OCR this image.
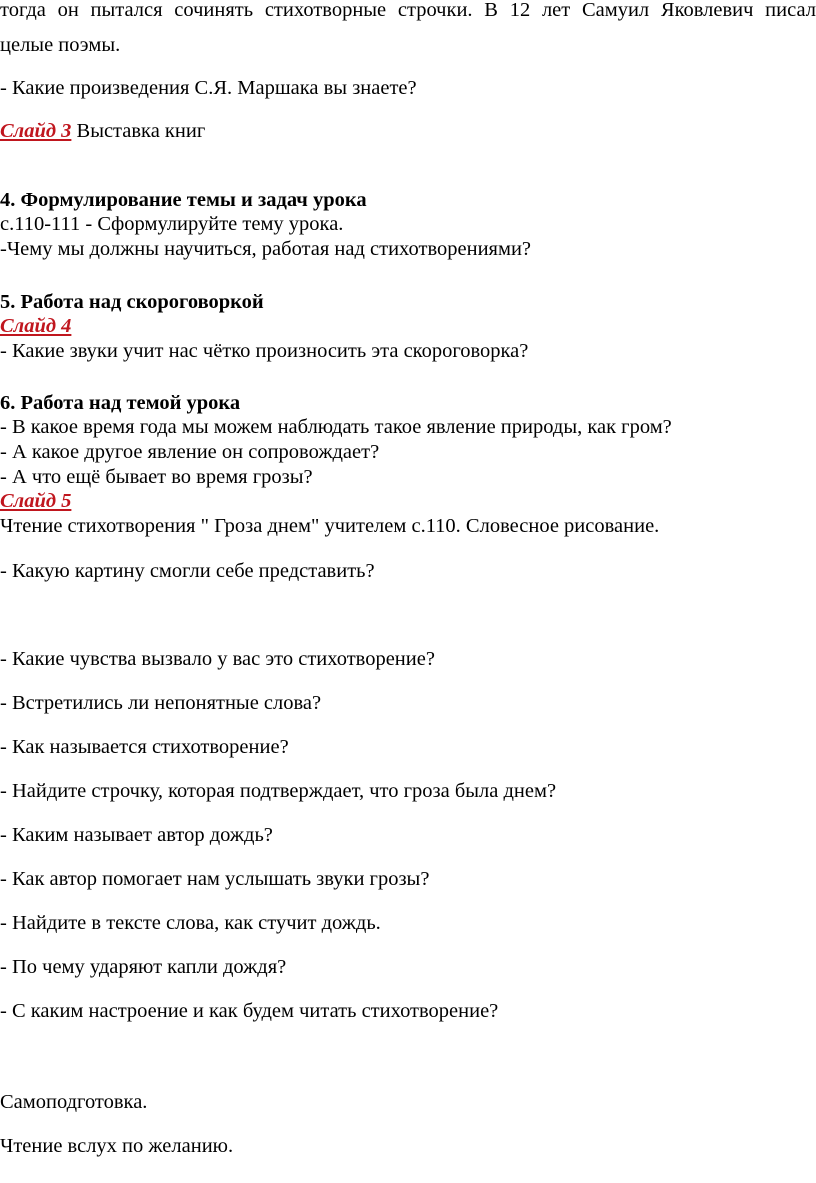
тогда он пытался сочинять стихотворные строчки. В 12 лет Самуил Яковлевич писал
целые поэмы.
- Какие произведения С.Я. Маршака вы знаете?
Слайд 3 Выставка книг
4. Формулирование темы и задач урока
с.110-111 - Сформулируйте тему урока.
-Чему мы должны научиться, работая над стихотворениями?
5. Работа над скороговоркой
Слайд 4
- Какие звуки учит нас чётко произносить эта скороговорка?
6. Работа над темой урока
- В какое время года мы можем наблюдать такое явление природы, как гром?
- А какое другое явление он сопровождает?
- А что ещё бывает во время грозы?
Слайд 5
Чтение стихотворения " Гроза днем" учителем с.110. Словесное рисование.
- Какую картину смогли себе представить?
- Какие чувства вызвало у вас это стихотворение?
- Встретились ли непонятные слова?
- Как называется стихотворение?
- Найдите строчку, которая подтверждает, что гроза была днем?
- Каким называет автор дождь?
- Как автор помогает нам услышать звуки грозы?
- Найдите в тексте слова, как стучит дождь.
- По чему ударяют капли дождя?
- С каким настроение и как будем читать стихотворение?
Самоподготовка.
Чтение вслух по желанию.
